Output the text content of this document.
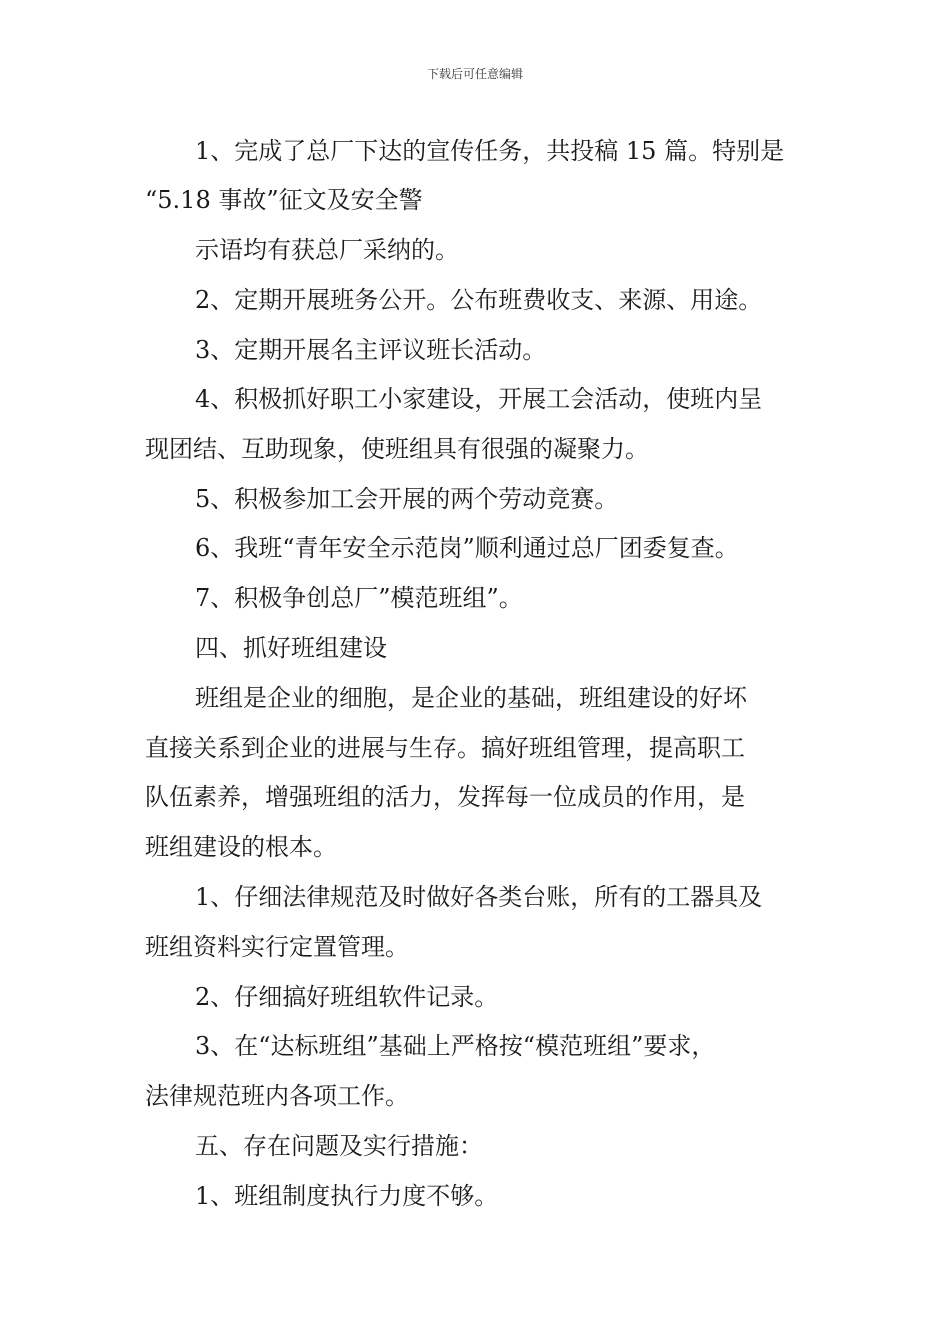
下载后可任意编辑
1、完成了总厂下达的宣传任务，共投稿 15 篇。特别是
“5.18 事故”征文及安全警
示语均有获总厂采纳的。
2、定期开展班务公开。公布班费收支、来源、用途。
3、定期开展名主评议班长活动。
4、积极抓好职工小家建设，开展工会活动，使班内呈
现团结、互助现象，使班组具有很强的凝聚力。
5、积极参加工会开展的两个劳动竞赛。
6、我班“青年安全示范岗”顺利通过总厂团委复查。
7、积极争创总厂”模范班组”。
四、抓好班组建设
班组是企业的细胞，是企业的基础，班组建设的好坏
直接关系到企业的进展与生存。搞好班组管理，提高职工
队伍素养，增强班组的活力，发挥每一位成员的作用，是
班组建设的根本。
1、仔细法律规范及时做好各类台账，所有的工器具及
班组资料实行定置管理。
2、仔细搞好班组软件记录。
3、在“达标班组”基础上严格按“模范班组”要求，
法律规范班内各项工作。
五、存在问题及实行措施：
1、班组制度执行力度不够。
